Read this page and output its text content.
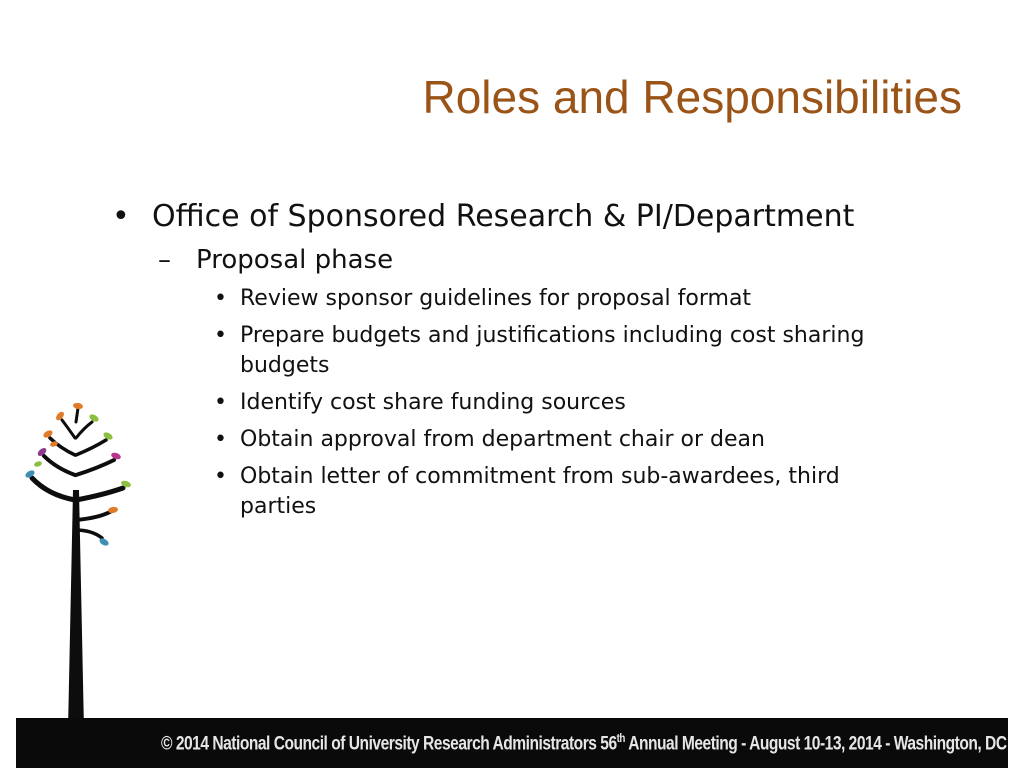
Roles and Responsibilities
• Office of Sponsored Research & PI/Department
– Proposal phase
• Review sponsor guidelines for proposal format
• Prepare budgets and justifications including cost sharing budgets
• Identify cost share funding sources
• Obtain approval from department chair or dean
• Obtain letter of commitment from sub-awardees, third parties
© 2014 National Council of University Research Administrators 56th Annual Meeting - August 10-13, 2014 - Washington, DC
